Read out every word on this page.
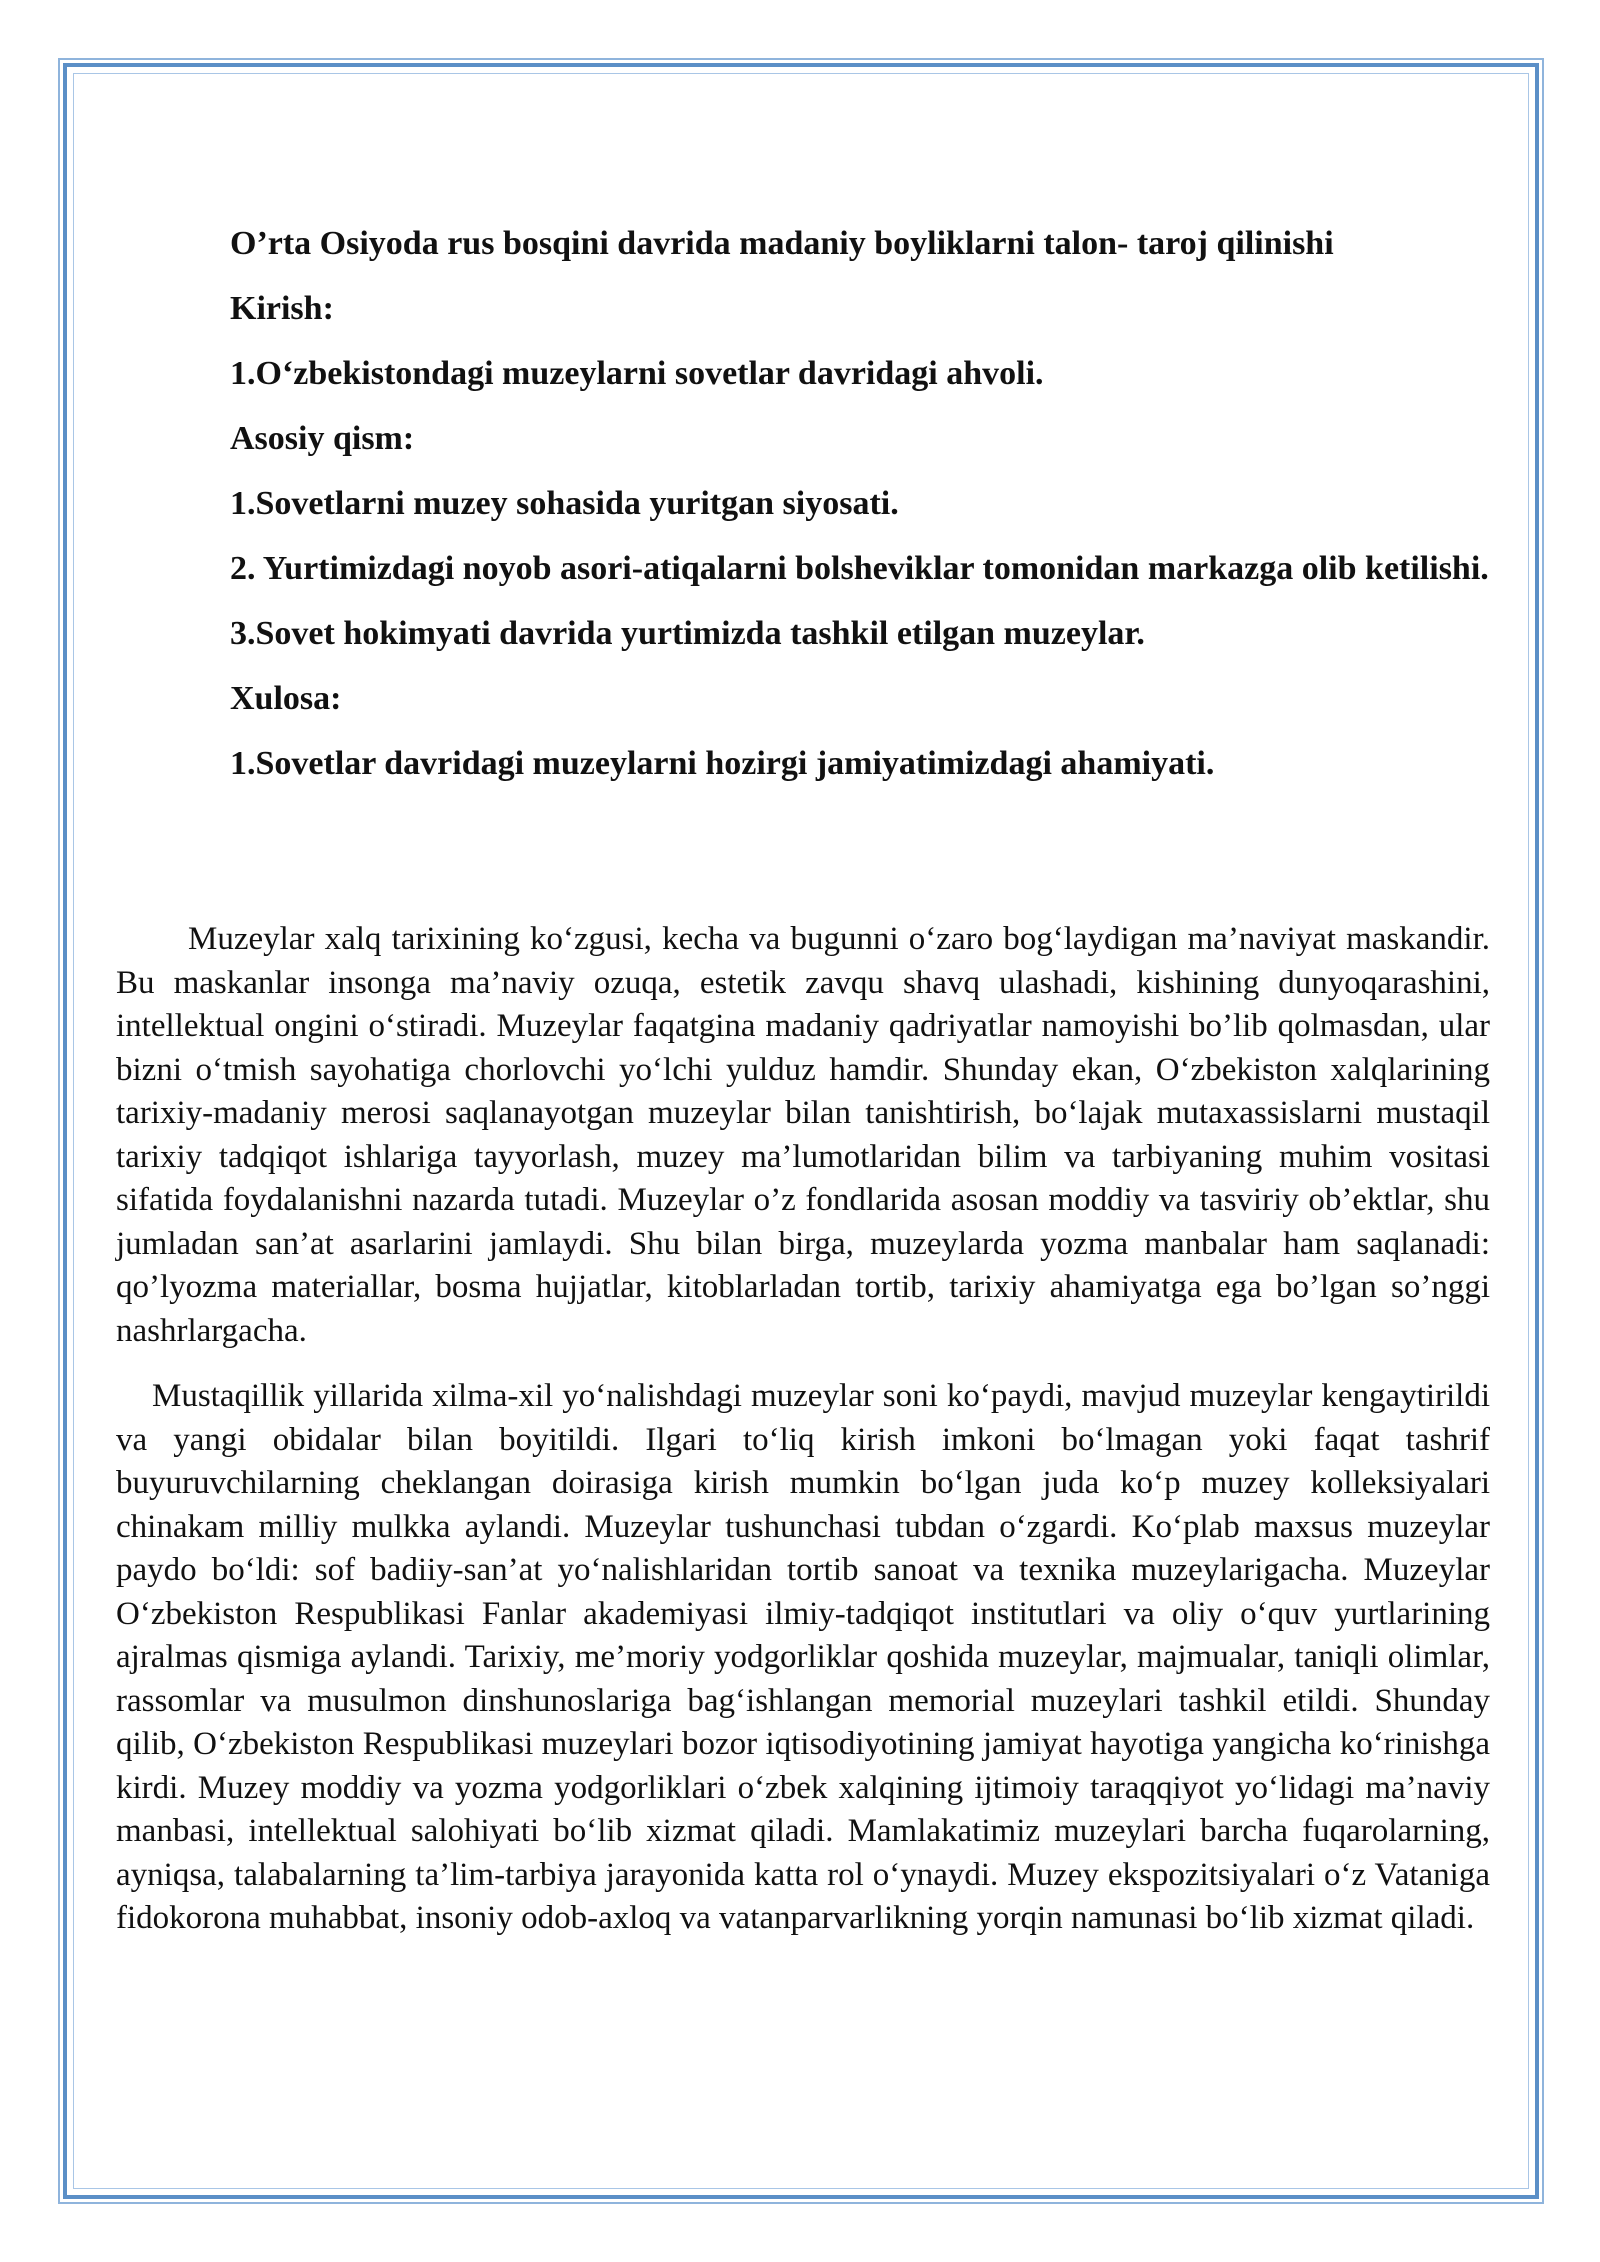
O’rta Osiyoda rus bosqini davrida madaniy boyliklarni talon- taroj qilinishi

Kirish:

1.O‘zbekistondagi muzeylarni sovetlar davridagi ahvoli.

Asosiy qism:

1.Sovetlarni muzey sohasida yuritgan siyosati.

2. Yurtimizdagi noyob asori-atiqalarni bolsheviklar tomonidan markazga olib ketilishi.

3.Sovet hokimyati davrida yurtimizda tashkil etilgan muzeylar.

Xulosa:

1.Sovetlar davridagi muzeylarni hozirgi jamiyatimizdagi ahamiyati.

Muzeylar xalq tarixining ko‘zgusi, kecha va bugunni o‘zaro bog‘laydigan ma’naviyat maskandir. Bu maskanlar insonga ma’naviy ozuqa, estetik zavqu shavq ulashadi, kishining dunyoqarashini, intellektual ongini o‘stiradi. Muzeylar faqatgina madaniy qadriyatlar namoyishi bo’lib qolmasdan, ular bizni o‘tmish sayohatiga chorlovchi yo‘lchi yulduz hamdir. Shunday ekan, O‘zbekiston xalqlarining tarixiy-madaniy merosi saqlanayotgan muzeylar bilan tanishtirish, bo‘lajak mutaxassislarni mustaqil tarixiy tadqiqot ishlariga tayyorlash, muzey ma’lumotlaridan bilim va tarbiyaning muhim vositasi sifatida foydalanishni nazarda tutadi. Muzeylar o’z fondlarida asosan moddiy va tasviriy ob’ektlar, shu jumladan san’at asarlarini jamlaydi. Shu bilan birga, muzeylarda yozma manbalar ham saqlanadi: qo’lyozma materiallar, bosma hujjatlar, kitoblarladan tortib, tarixiy ahamiyatga ega bo’lgan so’nggi nashrlargacha.

Mustaqillik yillarida xilma-xil yo‘nalishdagi muzeylar soni ko‘paydi, mavjud muzeylar kengaytirildi va yangi obidalar bilan boyitildi. Ilgari to‘liq kirish imkoni bo‘lmagan yoki faqat tashrif buyuruvchilarning cheklangan doirasiga kirish mumkin bo‘lgan juda ko‘p muzey kolleksiyalari chinakam milliy mulkka aylandi. Muzeylar tushunchasi tubdan o‘zgardi. Ko‘plab maxsus muzeylar paydo bo‘ldi: sof badiiy-san’at yo‘nalishlaridan tortib sanoat va texnika muzeylarigacha. Muzeylar O‘zbekiston Respublikasi Fanlar akademiyasi ilmiy-tadqiqot institutlari va oliy o‘quv yurtlarining ajralmas qismiga aylandi. Tarixiy, me’moriy yodgorliklar qoshida muzeylar, majmualar, taniqli olimlar, rassomlar va musulmon dinshunoslariga bag‘ishlangan memorial muzeylari tashkil etildi. Shunday qilib, O‘zbekiston Respublikasi muzeylari bozor iqtisodiyotining jamiyat hayotiga yangicha ko‘rinishga kirdi. Muzey moddiy va yozma yodgorliklari o‘zbek xalqining ijtimoiy taraqqiyot yo‘lidagi ma’naviy manbasi, intellektual salohiyati bo‘lib xizmat qiladi. Mamlakatimiz muzeylari barcha fuqarolarning, ayniqsa, talabalarning ta’lim-tarbiya jarayonida katta rol o‘ynaydi. Muzey ekspozitsiyalari o‘z Vataniga fidokorona muhabbat, insoniy odob-axloq va vatanparvarlikning yorqin namunasi bo‘lib xizmat qiladi.
